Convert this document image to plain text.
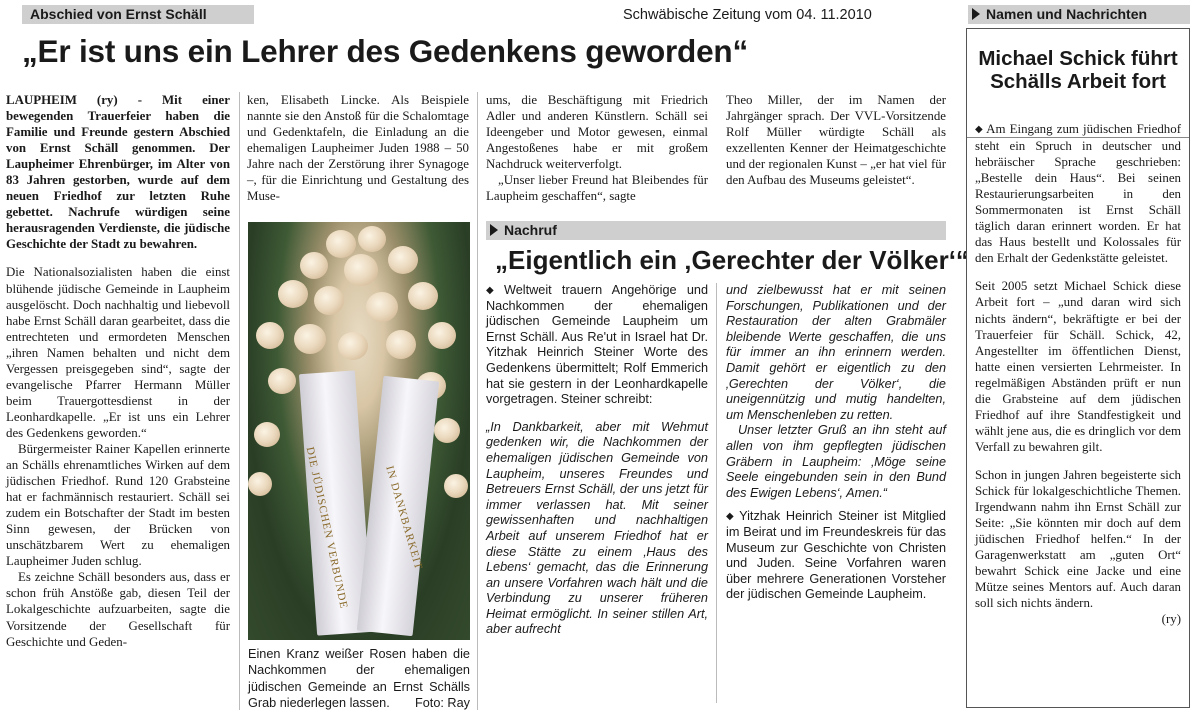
Abschied von Ernst Schäll	Schwäbische Zeitung vom 04. 11.2010	Namen und Nachrichten
„Er ist uns ein Lehrer des Gedenkens geworden“

LAUPHEIM (ry) - Mit einer bewegenden Trauerfeier haben die Familie und Freunde gestern Abschied von Ernst Schäll genommen. Der Laupheimer Ehrenbürger, im Alter von 83 Jahren gestorben, wurde auf dem neuen Friedhof zur letzten Ruhe gebettet. Nachrufe würdigen seine herausragenden Verdienste, die jüdische Geschichte der Stadt zu bewahren.

Die Nationalsozialisten haben die einst blühende jüdische Gemeinde in Laupheim ausgelöscht. Doch nachhaltig und liebevoll habe Ernst Schäll daran gearbeitet, dass die entrechteten und ermordeten Menschen „ihren Namen behalten und nicht dem Vergessen preisgegeben sind“, sagte der evangelische Pfarrer Hermann Müller beim Trauergottesdienst in der Leonhardkapelle. „Er ist uns ein Lehrer des Gedenkens geworden.“

Bürgermeister Rainer Kapellen erinnerte an Schälls ehrenamtliches Wirken auf dem jüdischen Friedhof. Rund 120 Grabsteine hat er fachmännisch restauriert. Schäll sei zudem ein Botschafter der Stadt im besten Sinn gewesen, der Brücken von unschätzbarem Wert zu ehemaligen Laupheimer Juden schlug.

Es zeichne Schäll besonders aus, dass er schon früh Anstöße gab, diesen Teil der Lokalgeschichte aufzuarbeiten, sagte die Vorsitzende der Gesellschaft für Geschichte und Geden-

ken, Elisabeth Lincke. Als Beispiele nannte sie den Anstoß für die Schalomtage und Gedenktafeln, die Einladung an die ehemaligen Laupheimer Juden 1988 – 50 Jahre nach der Zerstörung ihrer Synagoge –, für die Einrichtung und Gestaltung des Muse-

DIE JÜDISCHEN VERBUNDE	IN DANKBARKEIT
Einen Kranz weißer Rosen haben die Nachkommen der ehemaligen jüdischen Gemeinde an Ernst Schälls Grab niederlegen lassen. Foto: Ray

ums, die Beschäftigung mit Friedrich Adler und anderen Künstlern. Schäll sei Ideengeber und Motor gewesen, einmal Angestoßenes habe er mit großem Nachdruck weiterverfolgt.

„Unser lieber Freund hat Bleibendes für Laupheim geschaffen“, sagte

Theo Miller, der im Namen der Jahrgänger sprach. Der VVL-Vorsitzende Rolf Müller würdigte Schäll als exzellenten Kenner der Heimatgeschichte und der regionalen Kunst – „er hat viel für den Aufbau des Museums geleistet“.

Nachruf
„Eigentlich ein ‚Gerechter der Völker‘“

◆ Weltweit trauern Angehörige und Nachkommen der ehemaligen jüdischen Gemeinde Laupheim um Ernst Schäll. Aus Re'ut in Israel hat Dr. Yitzhak Heinrich Steiner Worte des Gedenkens übermittelt; Rolf Emmerich hat sie gestern in der Leonhardkapelle vorgetragen. Steiner schreibt:

„In Dankbarkeit, aber mit Wehmut gedenken wir, die Nachkommen der ehemaligen jüdischen Gemeinde von Laupheim, unseres Freundes und Betreuers Ernst Schäll, der uns jetzt für immer verlassen hat. Mit seiner gewissenhaften und nachhaltigen Arbeit auf unserem Friedhof hat er diese Stätte zu einem ‚Haus des Lebens‘ gemacht, das die Erinnerung an unsere Vorfahren wach hält und die Verbindung zu unserer früheren Heimat ermöglicht. In seiner stillen Art, aber aufrecht

und zielbewusst hat er mit seinen Forschungen, Publikationen und der Restauration der alten Grabmäler bleibende Werte geschaffen, die uns für immer an ihn erinnern werden. Damit gehört er eigentlich zu den ‚Gerechten der Völker‘, die uneigennützig und mutig handelten, um Menschenleben zu retten.

Unser letzter Gruß an ihn steht auf allen von ihm gepflegten jüdischen Gräbern in Laupheim: ‚Möge seine Seele eingebunden sein in den Bund des Ewigen Lebens‘, Amen.“

◆ Yitzhak Heinrich Steiner ist Mitglied im Beirat und im Freundeskreis für das Museum zur Geschichte von Christen und Juden. Seine Vorfahren waren über mehrere Generationen Vorsteher der jüdischen Gemeinde Laupheim.

Michael Schick führt Schälls Arbeit fort

◆ Am Eingang zum jüdischen Friedhof steht ein Spruch in deutscher und hebräischer Sprache geschrieben: „Bestelle dein Haus“. Bei seinen Restaurierungsarbeiten in den Sommermonaten ist Ernst Schäll täglich daran erinnert worden. Er hat das Haus bestellt und Kolossales für den Erhalt der Gedenkstätte geleistet.

Seit 2005 setzt Michael Schick diese Arbeit fort – „und daran wird sich nichts ändern“, bekräftigte er bei der Trauerfeier für Schäll. Schick, 42, Angestellter im öffentlichen Dienst, hatte einen versierten Lehrmeister. In regelmäßigen Abständen prüft er nun die Grabsteine auf dem jüdischen Friedhof auf ihre Standfestigkeit und wählt jene aus, die es dringlich vor dem Verfall zu bewahren gilt.

Schon in jungen Jahren begeisterte sich Schick für lokalgeschichtliche Themen. Irgendwann nahm ihn Ernst Schäll zur Seite: „Sie könnten mir doch auf dem jüdischen Friedhof helfen.“ In der Garagenwerkstatt am „guten Ort“ bewahrt Schick eine Jacke und eine Mütze seines Mentors auf. Auch daran soll sich nichts ändern.

(ry)
